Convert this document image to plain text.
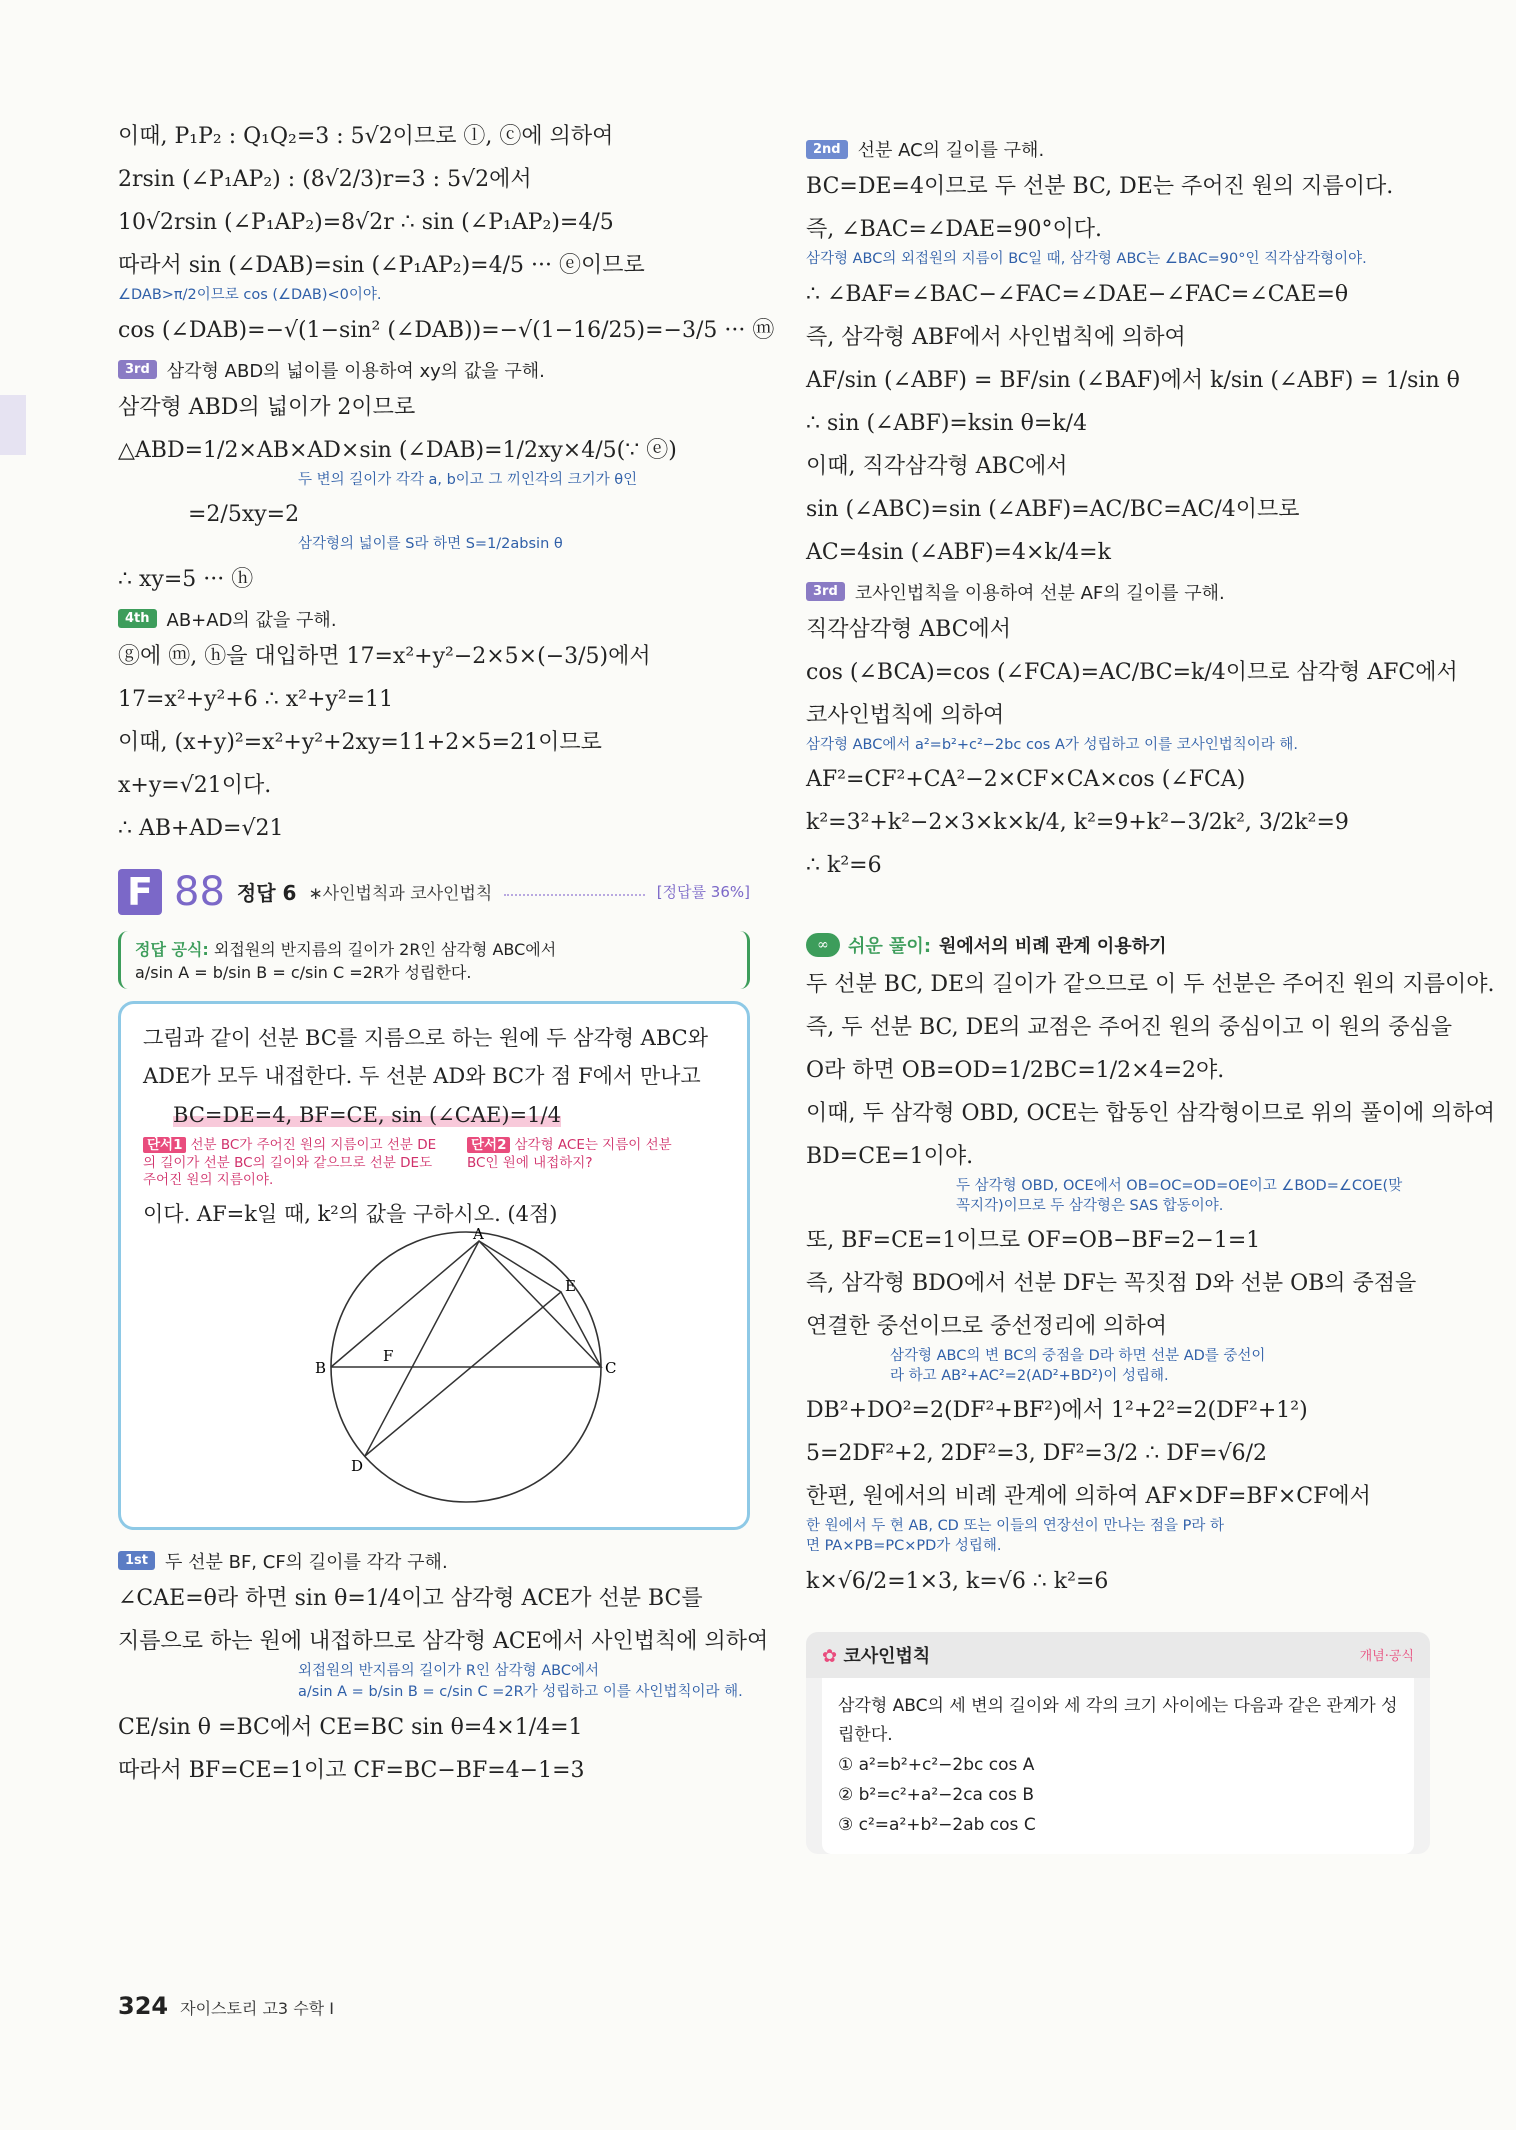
이때, P₁P₂ : Q₁Q₂=3 : 5√2이므로 ⓛ, ⓒ에 의하여

2rsin (∠P₁AP₂) : (8√2/3)r=3 : 5√2에서

10√2rsin (∠P₁AP₂)=8√2r ∴ sin (∠P₁AP₂)=4/5

따라서 sin (∠DAB)=sin (∠P₁AP₂)=4/5 ··· ⓔ이므로

∠DAB>π/2이므로 cos (∠DAB)<0이야.

cos (∠DAB)=−√(1−sin² (∠DAB))=−√(1−16/25)=−3/5 ··· ⓜ

3rd 삼각형 ABD의 넓이를 이용하여 xy의 값을 구해.

삼각형 ABD의 넓이가 2이므로

△ABD=1/2×AB×AD×sin (∠DAB)=1/2xy×4/5(∵ ⓔ)

두 변의 길이가 각각 a, b이고 그 끼인각의 크기가 θ인

=2/5xy=2

삼각형의 넓이를 S라 하면 S=1/2absin θ

∴ xy=5 ··· ⓗ

4th AB+AD의 값을 구해.

ⓖ에 ⓜ, ⓗ을 대입하면 17=x²+y²−2×5×(−3/5)에서

17=x²+y²+6 ∴ x²+y²=11

이때, (x+y)²=x²+y²+2xy=11+2×5=21이므로

x+y=√21이다.

∴ AB+AD=√21

F 88 정답 6 ∗사인법칙과 코사인법칙	[정답률 36%]
정답 공식: 외접원의 반지름의 길이가 2R인 삼각형 ABC에서
a/sin A = b/sin B = c/sin C =2R가 성립한다.

그림과 같이 선분 BC를 지름으로 하는 원에 두 삼각형 ABC와

ADE가 모두 내접한다. 두 선분 AD와 BC가 점 F에서 만나고

BC=DE=4, BF=CE, sin (∠CAE)=1/4

단서1 선분 BC가 주어진 원의 지름이고 선분 DE의 길이가 선분 BC의 길이와 같으므로 선분 DE도 주어진 원의 지름이야.
단서2 삼각형 ACE는 지름이 선분 BC인 원에 내접하지?

이다. AF=k일 때, k²의 값을 구하시오. (4점)

A
B	C
D
E
F
1st 두 선분 BF, CF의 길이를 각각 구해.

∠CAE=θ라 하면 sin θ=1/4이고 삼각형 ACE가 선분 BC를

지름으로 하는 원에 내접하므로 삼각형 ACE에서 사인법칙에 의하여

외접원의 반지름의 길이가 R인 삼각형 ABC에서
a/sin A = b/sin B = c/sin C =2R가 성립하고 이를 사인법칙이라 해.

CE/sin θ =BC에서 CE=BC sin θ=4×1/4=1

따라서 BF=CE=1이고 CF=BC−BF=4−1=3

2nd 선분 AC의 길이를 구해.

BC=DE=4이므로 두 선분 BC, DE는 주어진 원의 지름이다.

즉, ∠BAC=∠DAE=90°이다.

삼각형 ABC의 외접원의 지름이 BC일 때, 삼각형 ABC는 ∠BAC=90°인 직각삼각형이야.

∴ ∠BAF=∠BAC−∠FAC=∠DAE−∠FAC=∠CAE=θ

즉, 삼각형 ABF에서 사인법칙에 의하여

AF/sin (∠ABF) = BF/sin (∠BAF)에서 k/sin (∠ABF) = 1/sin θ

∴ sin (∠ABF)=ksin θ=k/4

이때, 직각삼각형 ABC에서

sin (∠ABC)=sin (∠ABF)=AC/BC=AC/4이므로

AC=4sin (∠ABF)=4×k/4=k

3rd 코사인법칙을 이용하여 선분 AF의 길이를 구해.

직각삼각형 ABC에서

cos (∠BCA)=cos (∠FCA)=AC/BC=k/4이므로 삼각형 AFC에서

코사인법칙에 의하여

삼각형 ABC에서 a²=b²+c²−2bc cos A가 성립하고 이를 코사인법칙이라 해.

AF²=CF²+CA²−2×CF×CA×cos (∠FCA)

k²=3²+k²−2×3×k×k/4, k²=9+k²−3/2k², 3/2k²=9

∴ k²=6

∞	쉬운 풀이: 원에서의 비례 관계 이용하기

두 선분 BC, DE의 길이가 같으므로 이 두 선분은 주어진 원의 지름이야.

즉, 두 선분 BC, DE의 교점은 주어진 원의 중심이고 이 원의 중심을

O라 하면 OB=OD=1/2BC=1/2×4=2야.

이때, 두 삼각형 OBD, OCE는 합동인 삼각형이므로 위의 풀이에 의하여

BD=CE=1이야.

두 삼각형 OBD, OCE에서 OB=OC=OD=OE이고 ∠BOD=∠COE(맞꼭지각)이므로 두 삼각형은 SAS 합동이야.

또, BF=CE=1이므로 OF=OB−BF=2−1=1

즉, 삼각형 BDO에서 선분 DF는 꼭짓점 D와 선분 OB의 중점을

연결한 중선이므로 중선정리에 의하여

삼각형 ABC의 변 BC의 중점을 D라 하면 선분 AD를 중선이라 하고 AB²+AC²=2(AD²+BD²)이 성립해.

DB²+DO²=2(DF²+BF²)에서 1²+2²=2(DF²+1²)

5=2DF²+2, 2DF²=3, DF²=3/2 ∴ DF=√6/2

한편, 원에서의 비례 관계에 의하여 AF×DF=BF×CF에서

한 원에서 두 현 AB, CD 또는 이들의 연장선이 만나는 점을 P라 하면 PA×PB=PC×PD가 성립해.

k×√6/2=1×3, k=√6 ∴ k²=6

✿ 코사인법칙	개념·공식
삼각형 ABC의 세 변의 길이와 세 각의 크기 사이에는 다음과 같은 관계가 성립한다.
① a²=b²+c²−2bc cos A
② b²=c²+a²−2ca cos B
③ c²=a²+b²−2ab cos C
324 자이스토리 고3 수학 I
